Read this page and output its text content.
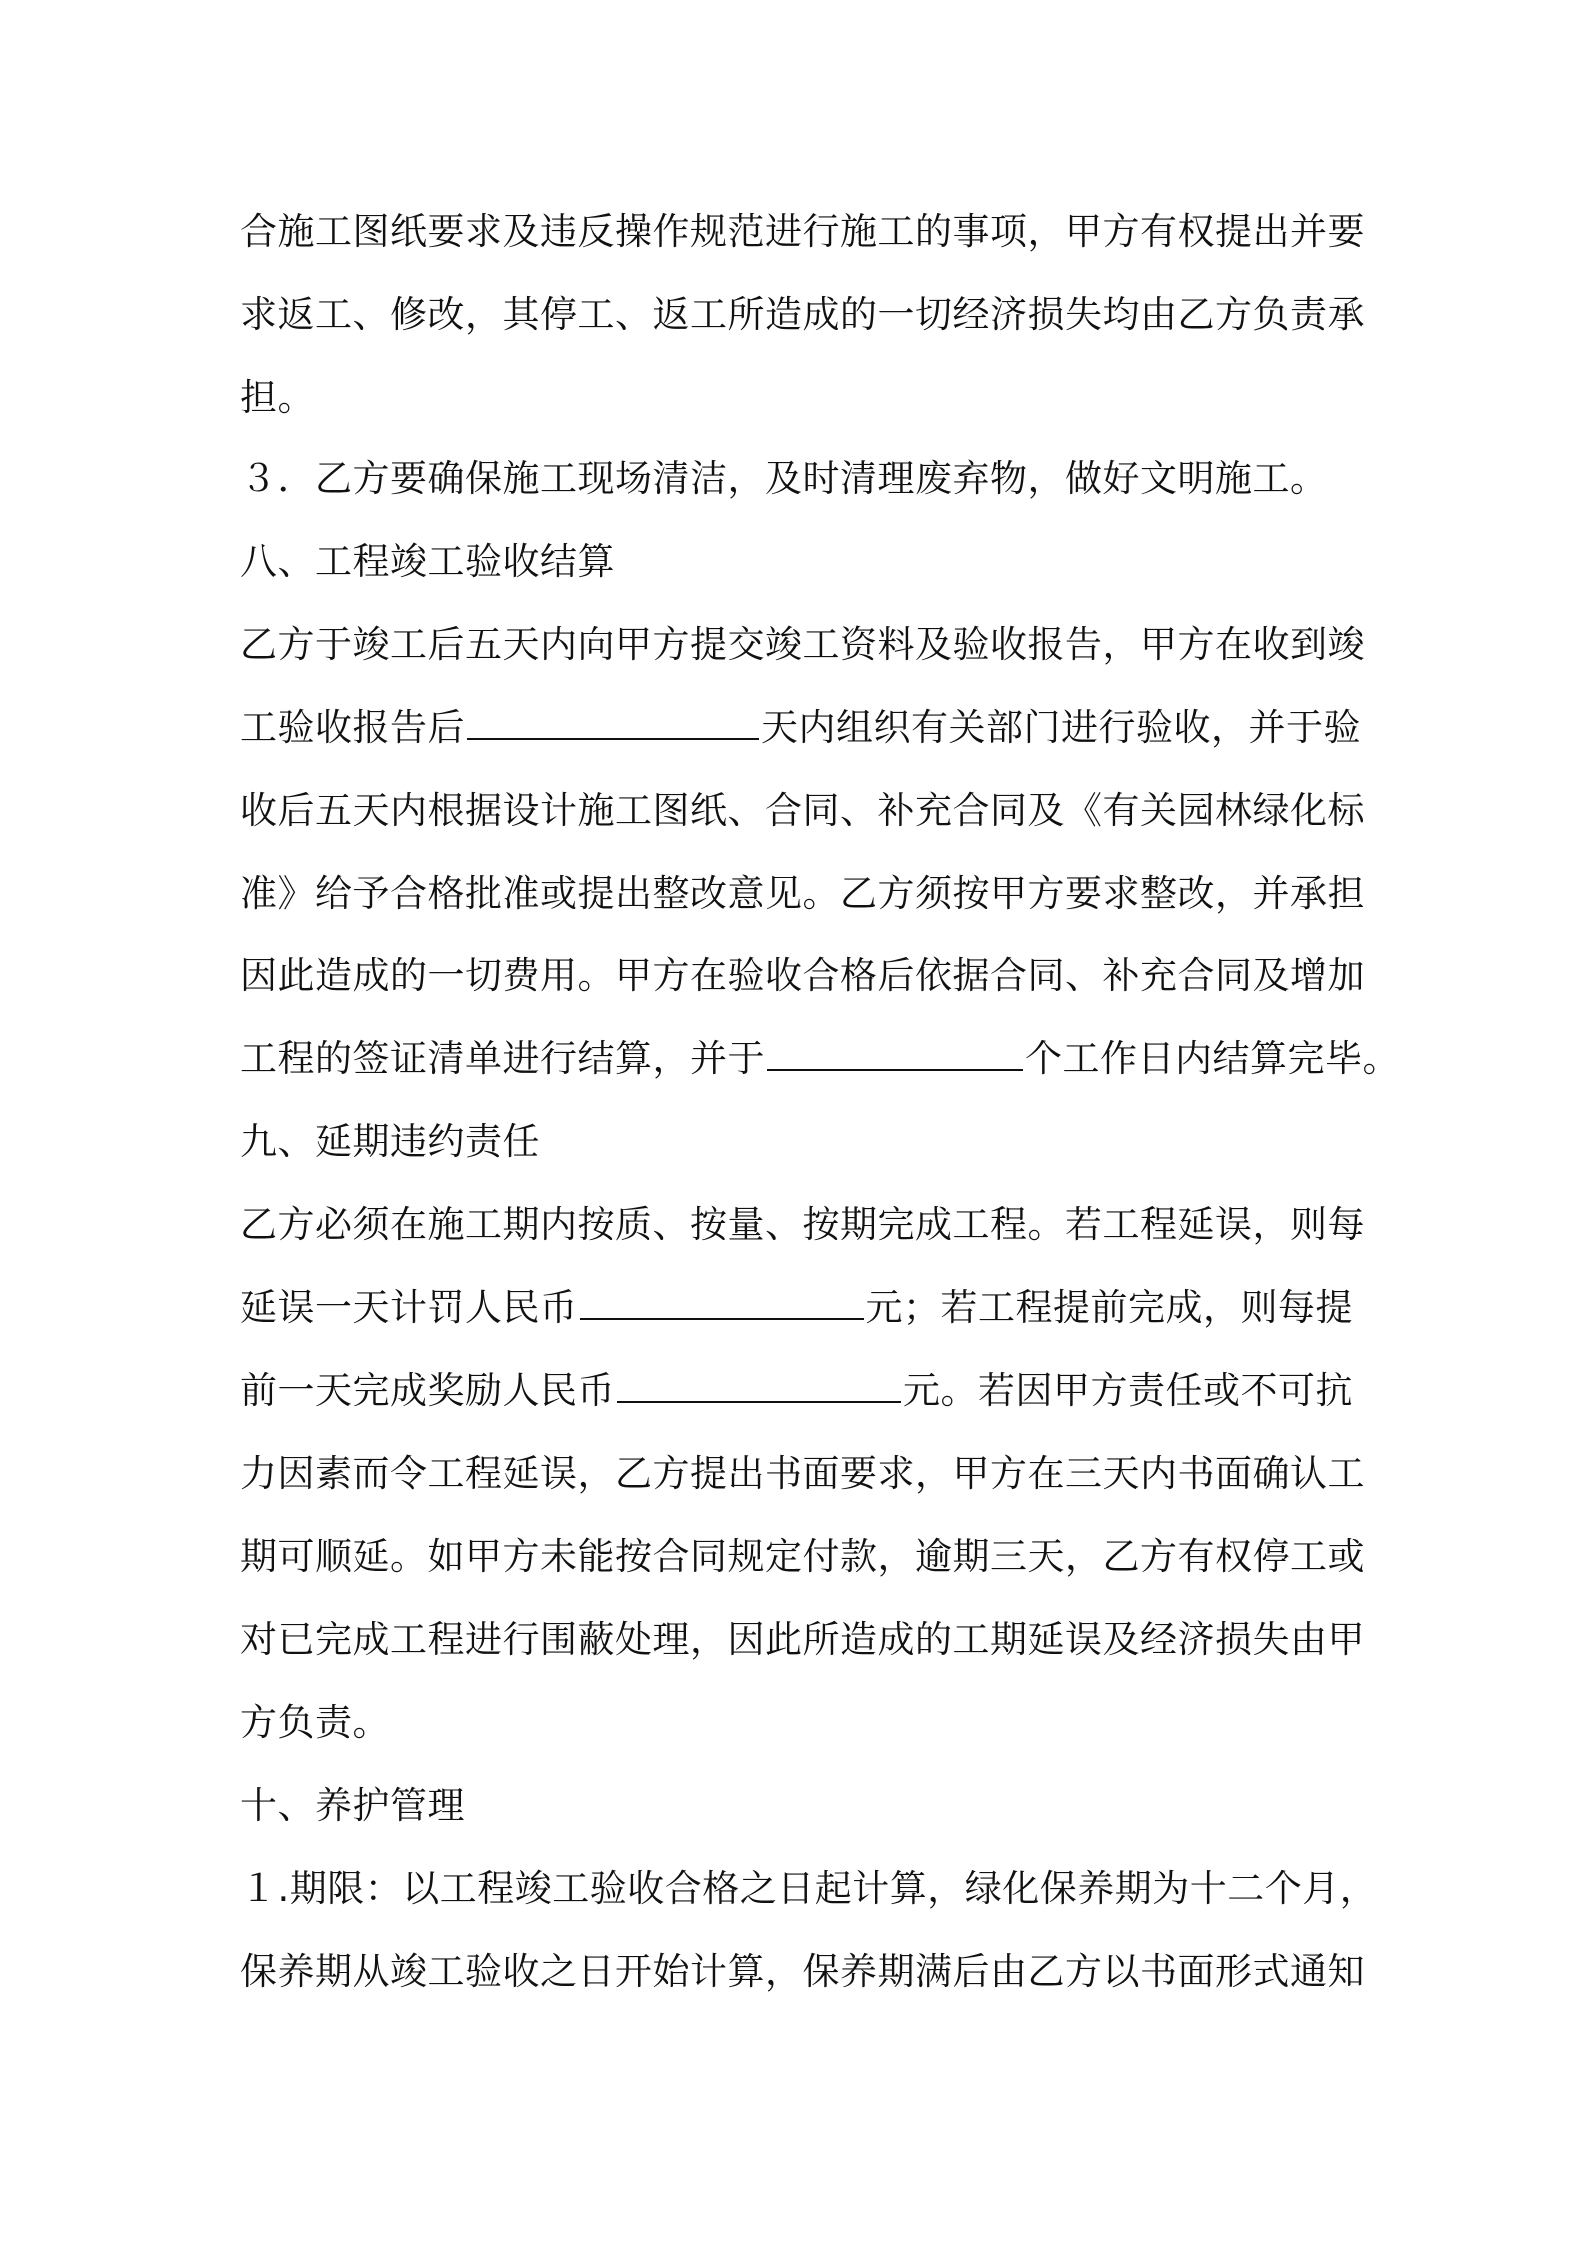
合施工图纸要求及违反操作规范进行施工的事项，甲方有权提出并要
求返工、修改，其停工、返工所造成的一切经济损失均由乙方负责承
担。
３．乙方要确保施工现场清洁，及时清理废弃物，做好文明施工。
八、工程竣工验收结算
乙方于竣工后五天内向甲方提交竣工资料及验收报告，甲方在收到竣
工验收报告后	天内组织有关部门进行验收，并于验
收后五天内根据设计施工图纸、合同、补充合同及《有关园林绿化标
准》给予合格批准或提出整改意见。乙方须按甲方要求整改，并承担
因此造成的一切费用。甲方在验收合格后依据合同、补充合同及增加
工程的签证清单进行结算，并于	个工作日内结算完毕。
九、延期违约责任
乙方必须在施工期内按质、按量、按期完成工程。若工程延误，则每
延误一天计罚人民币	元；若工程提前完成，则每提
前一天完成奖励人民币	元。若因甲方责任或不可抗
力因素而令工程延误，乙方提出书面要求，甲方在三天内书面确认工
期可顺延。如甲方未能按合同规定付款，逾期三天，乙方有权停工或
对已完成工程进行围蔽处理，因此所造成的工期延误及经济损失由甲
方负责。
十、养护管理
１.期限：以工程竣工验收合格之日起计算，绿化保养期为十二个月，
保养期从竣工验收之日开始计算，保养期满后由乙方以书面形式通知
